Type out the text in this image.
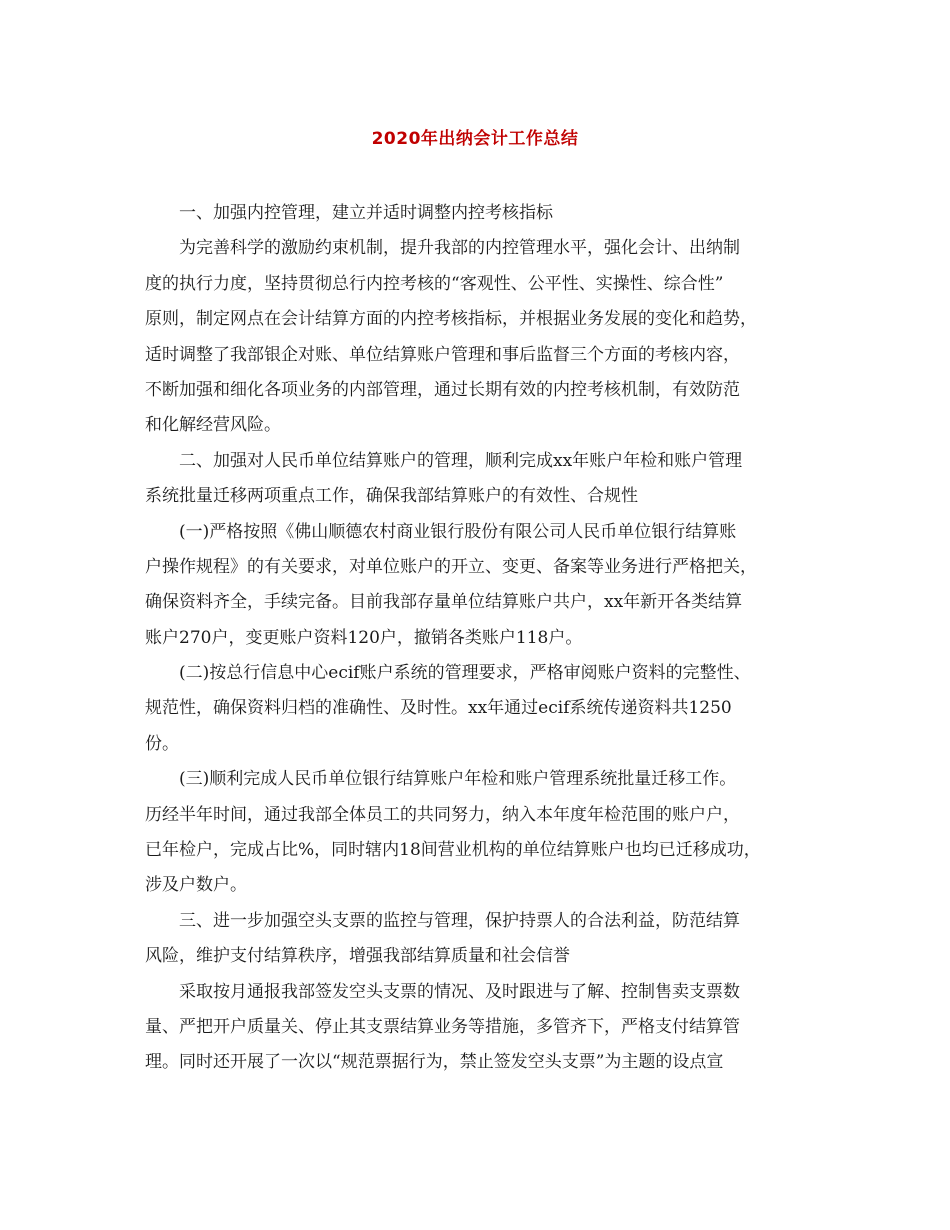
2020年出纳会计工作总结
一、加强内控管理，建立并适时调整内控考核指标
为完善科学的激励约束机制，提升我部的内控管理水平，强化会计、出纳制
度的执行力度，坚持贯彻总行内控考核的“客观性、公平性、实操性、综合性”
原则，制定网点在会计结算方面的内控考核指标，并根据业务发展的变化和趋势，
适时调整了我部银企对账、单位结算账户管理和事后监督三个方面的考核内容，
不断加强和细化各项业务的内部管理，通过长期有效的内控考核机制，有效防范
和化解经营风险。
二、加强对人民币单位结算账户的管理，顺利完成xx年账户年检和账户管理
系统批量迁移两项重点工作，确保我部结算账户的有效性、合规性
(一)严格按照《佛山顺德农村商业银行股份有限公司人民币单位银行结算账
户操作规程》的有关要求，对单位账户的开立、变更、备案等业务进行严格把关，
确保资料齐全，手续完备。目前我部存量单位结算账户共户，xx年新开各类结算
账户270户，变更账户资料120户，撤销各类账户118户。
(二)按总行信息中心ecif账户系统的管理要求，严格审阅账户资料的完整性、
规范性，确保资料归档的准确性、及时性。xx年通过ecif系统传递资料共1250
份。
(三)顺利完成人民币单位银行结算账户年检和账户管理系统批量迁移工作。
历经半年时间，通过我部全体员工的共同努力，纳入本年度年检范围的账户户，
已年检户，完成占比%，同时辖内18间营业机构的单位结算账户也均已迁移成功，
涉及户数户。
三、进一步加强空头支票的监控与管理，保护持票人的合法利益，防范结算
风险，维护支付结算秩序，增强我部结算质量和社会信誉
采取按月通报我部签发空头支票的情况、及时跟进与了解、控制售卖支票数
量、严把开户质量关、停止其支票结算业务等措施，多管齐下，严格支付结算管
理。同时还开展了一次以“规范票据行为，禁止签发空头支票”为主题的设点宣
